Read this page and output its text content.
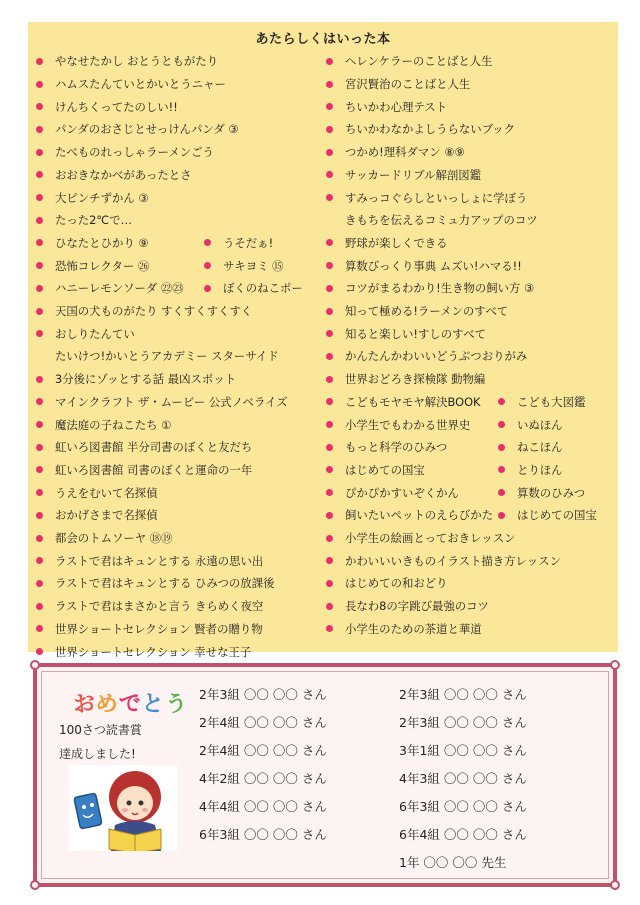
あたらしくはいった本
やなせたかし おとうともがたり
ハムスたんていとかいとうニャー
けんちくってたのしい!!
パンダのおさじとせっけんパンダ ③
たべものれっしゃラーメンごう
おおきなかべがあったとさ
大ピンチずかん ③
たった2℃で…
ひなたとひかり ⑨
恐怖コレクター ㉖
ハニーレモンソーダ ㉒㉓
天国の犬ものがたり すくすくすくすく
おしりたんてい
たいけつ!かいとうアカデミー スターサイド
3分後にゾッとする話 最凶スポット
マインクラフト ザ・ムービー 公式ノベライズ
魔法庭の子ねこたち ①
虹いろ図書館 半分司書のぼくと友だち
虹いろ図書館 司書のぼくと運命の一年
うえをむいて名探偵
おかげさまで名探偵
都会のトムソーヤ ⑱⑲
ラストで君はキュンとする 永遠の思い出
ラストで君はキュンとする ひみつの放課後
ラストで君はまさかと言う きらめく夜空
世界ショートセレクション 賢者の贈り物
世界ショートセレクション 幸せな王子
うそだぁ!
サキヨミ ⑮
ぼくのねこポー
ヘレンケラーのことばと人生
宮沢賢治のことばと人生
ちいかわ心理テスト
ちいかわなかよしうらないブック
つかめ!理科ダマン ⑧⑨
サッカードリブル解剖図鑑
すみっコぐらしといっしょに学ぼう
きもちを伝えるコミュ力アップのコツ
野球が楽しくできる
算数びっくり事典 ムズい!ハマる!!
コツがまるわかり!生き物の飼い方 ③
知って極める!ラーメンのすべて
知ると楽しい!すしのすべて
かんたんかわいいどうぶつおりがみ
世界おどろき探検隊 動物編
こどもモヤモヤ解決BOOK
小学生でもわかる世界史
もっと科学のひみつ
はじめての国宝
ぴかぴかすいぞくかん
飼いたいペットのえらびかた
小学生の絵画とっておきレッスン
かわいいいきものイラスト描き方レッスン
はじめての和おどり
長なわ8の字跳び最強のコツ
小学生のための茶道と華道
こども大図鑑
いぬほん
ねこほん
とりほん
算数のひみつ
はじめての国宝
おめでとう
100さつ読書賞
達成しました!
2年3組 〇〇 〇〇 さん
2年4組 〇〇 〇〇 さん
2年4組 〇〇 〇〇 さん
4年2組 〇〇 〇〇 さん
4年4組 〇〇 〇〇 さん
6年3組 〇〇 〇〇 さん
2年3組 〇〇 〇〇 さん
2年3組 〇〇 〇〇 さん
3年1組 〇〇 〇〇 さん
4年3組 〇〇 〇〇 さん
6年3組 〇〇 〇〇 さん
6年4組 〇〇 〇〇 さん
1年 〇〇 〇〇 先生
